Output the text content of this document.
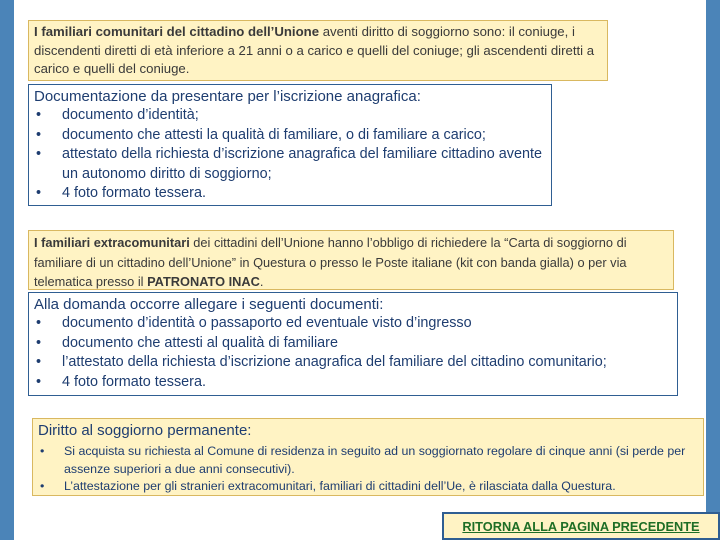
I familiari comunitari del cittadino dell’Unione aventi diritto di soggiorno sono: il coniuge, i discendenti diretti di età inferiore a 21 anni o a carico e quelli del coniuge; gli ascendenti diretti a carico e quelli del coniuge.
Documentazione da presentare per l’iscrizione anagrafica:
• documento d’identità;
• documento che attesti la qualità di familiare, o di familiare a carico;
• attestato della richiesta d’iscrizione anagrafica del familiare cittadino avente un autonomo diritto di soggiorno;
• 4 foto formato tessera.
I familiari extracomunitari dei cittadini dell’Unione hanno l’obbligo di richiedere la “Carta di soggiorno di familiare di un cittadino dell’Unione” in Questura o presso le Poste italiane (kit con banda gialla) o per via telematica presso il PATRONATO INAC.
Alla domanda occorre allegare i seguenti documenti:
• documento d’identità o passaporto ed eventuale visto d’ingresso
• documento che attesti al qualità di familiare
• l’attestato della richiesta d’iscrizione anagrafica del familiare del cittadino comunitario;
• 4 foto formato tessera.
Diritto al soggiorno permanente:
• Si acquista su richiesta al Comune di residenza in seguito ad un soggiornato regolare di cinque anni (si perde per assenze superiori a due anni consecutivi).
• L’attestazione per gli stranieri extracomunitari, familiari di cittadini dell’Ue, è rilasciata dalla Questura.
RITORNA ALLA PAGINA PRECEDENTE
